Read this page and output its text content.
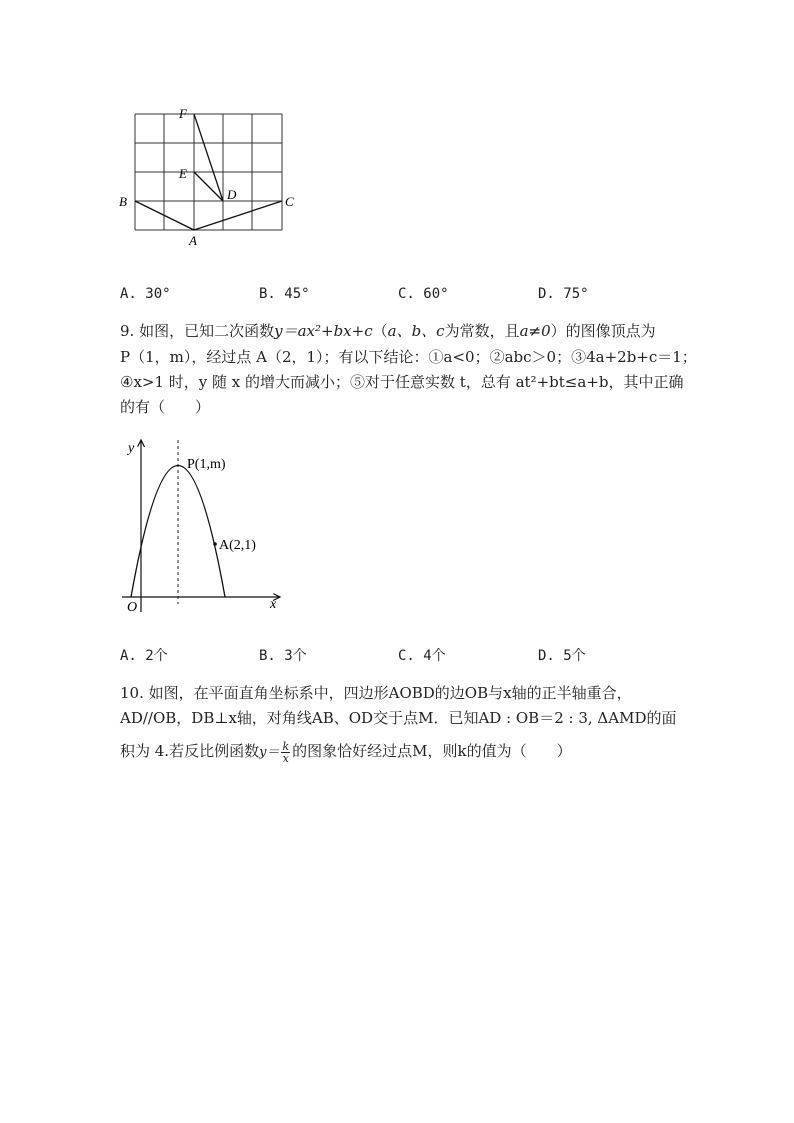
F
E
D
B	C
A
A. 30°	B. 45°	C. 60°	D. 75°
9. 如图，已知二次函数y＝ax²+bx+c（a、b、c为常数，且a≠0）的图像顶点为
P（1，m），经过点 A（2，1）；有以下结论：①a<0；②abc＞0；③4a+2b+c＝1；
④x>1 时，y 随 x 的增大而减小；⑤对于任意实数 t，总有 at²+bt≤a+b，其中正确
的有（　　）
y
x
O
P(1,m)
A(2,1)
A. 2个	B. 3个	C. 4个	D. 5个
10. 如图，在平面直角坐标系中，四边形AOBD的边OB与x轴的正半轴重合，
AD//OB，DB⊥x轴，对角线AB、OD交于点M．已知AD : OB＝2 : 3, ΔAMD的面
积为 4.若反比例函数$y= \frac{k}{x}$ 的图象恰好经过点M，则k的值为（　　）
